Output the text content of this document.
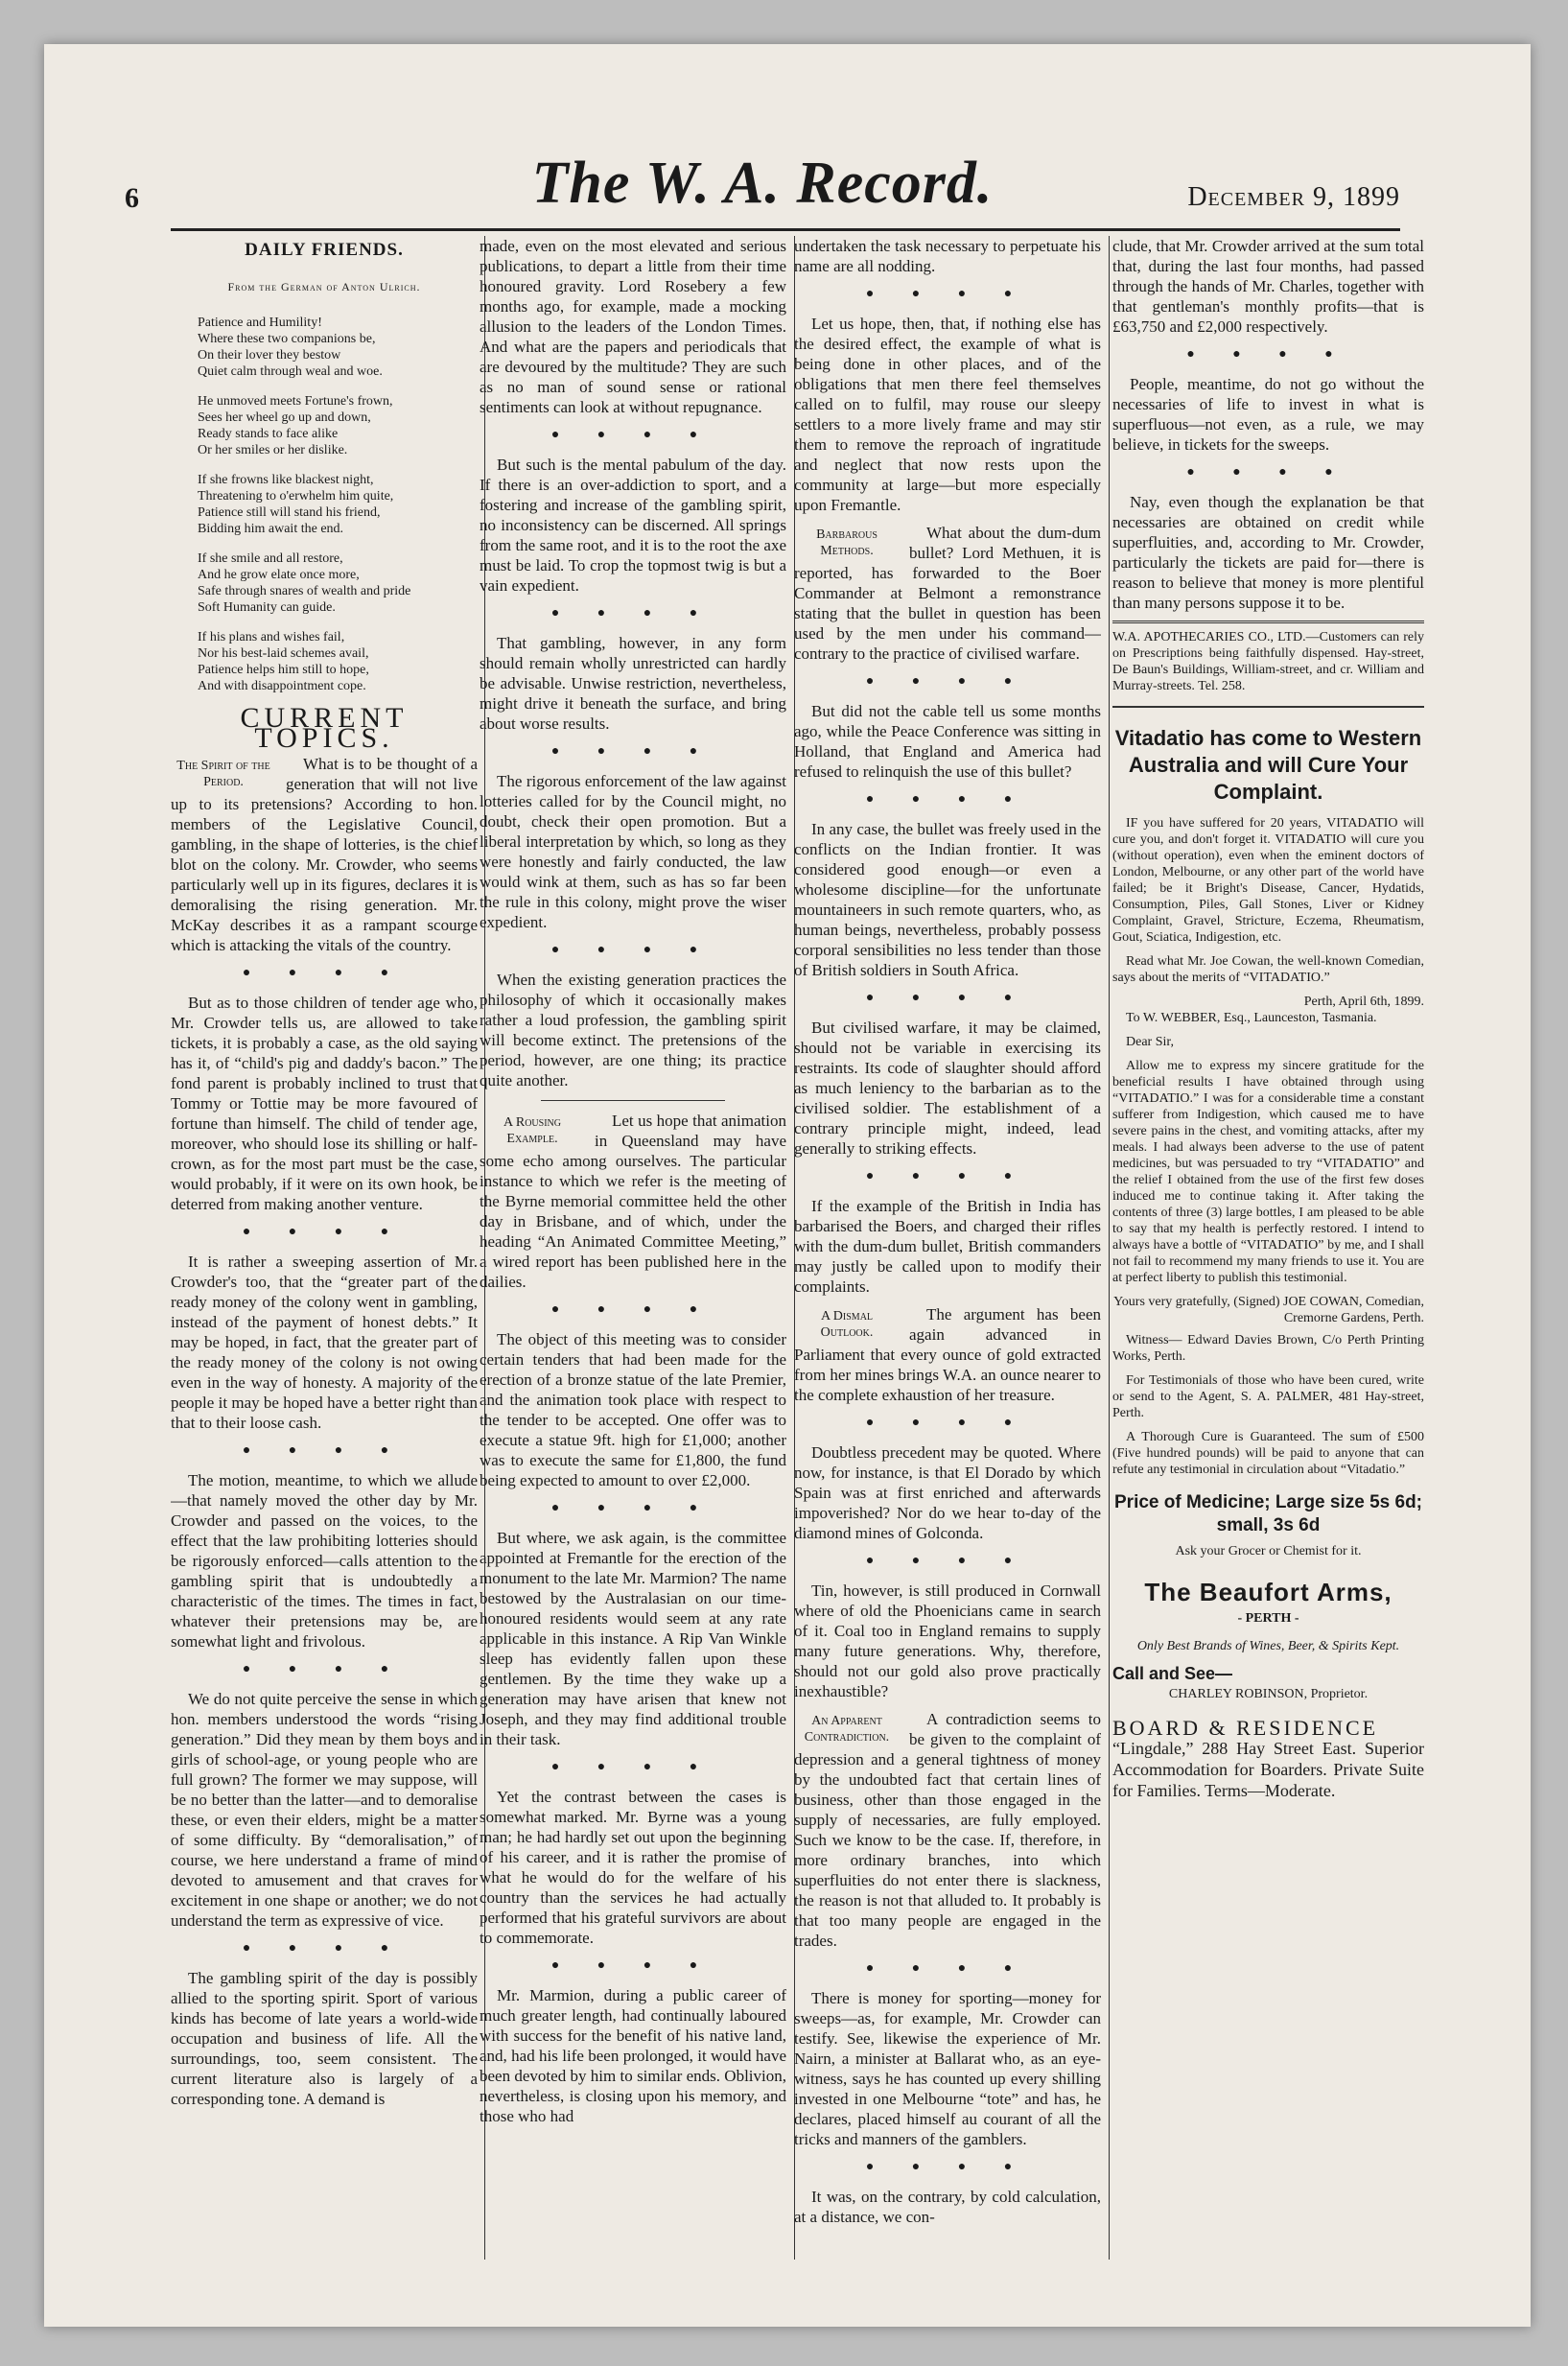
6	The W. A. Record.	December 9, 1899
DAILY FRIENDS.
From the German of Anton Ulrich.
Patience and Humility!
Where these two companions be,
On their lover they bestow
Quiet calm through weal and woe.
He unmoved meets Fortune's frown,
Sees her wheel go up and down,
Ready stands to face alike
Or her smiles or her dislike.
If she frowns like blackest night,
Threatening to o'erwhelm him quite,
Patience still will stand his friend,
Bidding him await the end.
If she smile and all restore,
And he grow elate once more,
Safe through snares of wealth and pride
Soft Humanity can guide.
If his plans and wishes fail,
Nor his best-laid schemes avail,
Patience helps him still to hope,
And with disappointment cope.
CURRENT TOPICS.

The Spirit of the Period.
What is to be thought of a generation that will not live up to its pretensions? According to hon. members of the Legislative Council, gambling, in the shape of lotteries, is the chief blot on the colony. Mr. Crowder, who seems particularly well up in its figures, declares it is demoralising the rising generation. Mr. McKay describes it as a rampant scourge which is attacking the vitals of the country.

● ● ● ●

But as to those children of tender age who, Mr. Crowder tells us, are allowed to take tickets, it is probably a case, as the old saying has it, of “child's pig and daddy's bacon.” The fond parent is probably inclined to trust that Tommy or Tottie may be more favoured of fortune than himself. The child of tender age, moreover, who should lose its shilling or half-crown, as for the most part must be the case, would probably, if it were on its own hook, be deterred from making another venture.

● ● ● ●

It is rather a sweeping assertion of Mr. Crowder's too, that the “greater part of the ready money of the colony went in gambling, instead of the payment of honest debts.” It may be hoped, in fact, that the greater part of the ready money of the colony is not owing even in the way of honesty. A majority of the people it may be hoped have a better right than that to their loose cash.

● ● ● ●

The motion, meantime, to which we allude—that namely moved the other day by Mr. Crowder and passed on the voices, to the effect that the law prohibiting lotteries should be rigorously enforced—calls attention to the gambling spirit that is undoubtedly a characteristic of the times. The times in fact, whatever their pretensions may be, are somewhat light and frivolous.

● ● ● ●

We do not quite perceive the sense in which hon. members understood the words “rising generation.” Did they mean by them boys and girls of school-age, or young people who are full grown? The former we may suppose, will be no better than the latter—and to demoralise these, or even their elders, might be a matter of some difficulty. By “demoralisation,” of course, we here understand a frame of mind devoted to amusement and that craves for excitement in one shape or another; we do not understand the term as expressive of vice.

● ● ● ●

The gambling spirit of the day is possibly allied to the sporting spirit. Sport of various kinds has become of late years a world-wide occupation and business of life. All the surroundings, too, seem consistent. The current literature also is largely of a corresponding tone. A demand is

made, even on the most elevated and serious publications, to depart a little from their time honoured gravity. Lord Rosebery a few months ago, for example, made a mocking allusion to the leaders of the London Times. And what are the papers and periodicals that are devoured by the multitude? They are such as no man of sound sense or rational sentiments can look at without repugnance.

● ● ● ●

But such is the mental pabulum of the day. If there is an over-addiction to sport, and a fostering and increase of the gambling spirit, no inconsistency can be discerned. All springs from the same root, and it is to the root the axe must be laid. To crop the topmost twig is but a vain expedient.

● ● ● ●

That gambling, however, in any form should remain wholly unrestricted can hardly be advisable. Unwise restriction, nevertheless, might drive it beneath the surface, and bring about worse results.

● ● ● ●

The rigorous enforcement of the law against lotteries called for by the Council might, no doubt, check their open promotion. But a liberal interpretation by which, so long as they were honestly and fairly conducted, the law would wink at them, such as has so far been the rule in this colony, might prove the wiser expedient.

● ● ● ●

When the existing generation practices the philosophy of which it occasionally makes rather a loud profession, the gambling spirit will become extinct. The pretensions of the period, however, are one thing; its practice quite another.

A Rousing Example.
Let us hope that animation in Queensland may have some echo among ourselves. The particular instance to which we refer is the meeting of the Byrne memorial committee held the other day in Brisbane, and of which, under the heading “An Animated Committee Meeting,” a wired report has been published here in the dailies.

● ● ● ●

The object of this meeting was to consider certain tenders that had been made for the erection of a bronze statue of the late Premier, and the animation took place with respect to the tender to be accepted. One offer was to execute a statue 9ft. high for £1,000; another was to execute the same for £1,800, the fund being expected to amount to over £2,000.

● ● ● ●

But where, we ask again, is the committee appointed at Fremantle for the erection of the monument to the late Mr. Marmion? The name bestowed by the Australasian on our time-honoured residents would seem at any rate applicable in this instance. A Rip Van Winkle sleep has evidently fallen upon these gentlemen. By the time they wake up a generation may have arisen that knew not Joseph, and they may find additional trouble in their task.

● ● ● ●

Yet the contrast between the cases is somewhat marked. Mr. Byrne was a young man; he had hardly set out upon the beginning of his career, and it is rather the promise of what he would do for the welfare of his country than the services he had actually performed that his grateful survivors are about to commemorate.

● ● ● ●

Mr. Marmion, during a public career of much greater length, had continually laboured with success for the benefit of his native land, and, had his life been prolonged, it would have been devoted by him to similar ends. Oblivion, nevertheless, is closing upon his memory, and those who had

undertaken the task necessary to perpetuate his name are all nodding.

● ● ● ●

Let us hope, then, that, if nothing else has the desired effect, the example of what is being done in other places, and of the obligations that men there feel themselves called on to fulfil, may rouse our sleepy settlers to a more lively frame and may stir them to remove the reproach of ingratitude and neglect that now rests upon the community at large—but more especially upon Fremantle.

Barbarous Methods.
What about the dum-dum bullet? Lord Methuen, it is reported, has forwarded to the Boer Commander at Belmont a remonstrance stating that the bullet in question has been used by the men under his command—contrary to the practice of civilised warfare.

● ● ● ●

But did not the cable tell us some months ago, while the Peace Conference was sitting in Holland, that England and America had refused to relinquish the use of this bullet?

● ● ● ●

In any case, the bullet was freely used in the conflicts on the Indian frontier. It was considered good enough—or even a wholesome discipline—for the unfortunate mountaineers in such remote quarters, who, as human beings, nevertheless, probably possess corporal sensibilities no less tender than those of British soldiers in South Africa.

● ● ● ●

But civilised warfare, it may be claimed, should not be variable in exercising its restraints. Its code of slaughter should afford as much leniency to the barbarian as to the civilised soldier. The establishment of a contrary principle might, indeed, lead generally to striking effects.

● ● ● ●

If the example of the British in India has barbarised the Boers, and charged their rifles with the dum-dum bullet, British commanders may justly be called upon to modify their complaints.

A Dismal Outlook.
The argument has been again advanced in Parliament that every ounce of gold extracted from her mines brings W.A. an ounce nearer to the complete exhaustion of her treasure.

● ● ● ●

Doubtless precedent may be quoted. Where now, for instance, is that El Dorado by which Spain was at first enriched and afterwards impoverished? Nor do we hear to-day of the diamond mines of Golconda.

● ● ● ●

Tin, however, is still produced in Cornwall where of old the Phoenicians came in search of it. Coal too in England remains to supply many future generations. Why, therefore, should not our gold also prove practically inexhaustible?

An Apparent Contradiction.
A contradiction seems to be given to the complaint of depression and a general tightness of money by the undoubted fact that certain lines of business, other than those engaged in the supply of necessaries, are fully employed. Such we know to be the case. If, therefore, in more ordinary branches, into which superfluities do not enter there is slackness, the reason is not that alluded to. It probably is that too many people are engaged in the trades.

● ● ● ●

There is money for sporting—money for sweeps—as, for example, Mr. Crowder can testify. See, likewise the experience of Mr. Nairn, a minister at Ballarat who, as an eye-witness, says he has counted up every shilling invested in one Melbourne “tote” and has, he declares, placed himself au courant of all the tricks and manners of the gamblers.

● ● ● ●

It was, on the contrary, by cold calculation, at a distance, we con-

clude, that Mr. Crowder arrived at the sum total that, during the last four months, had passed through the hands of Mr. Charles, together with that gentleman's monthly profits—that is £63,750 and £2,000 respectively.

● ● ● ●

People, meantime, do not go without the necessaries of life to invest in what is superfluous—not even, as a rule, we may believe, in tickets for the sweeps.

● ● ● ●

Nay, even though the explanation be that necessaries are obtained on credit while superfluities, and, according to Mr. Crowder, particularly the tickets are paid for—there is reason to believe that money is more plentiful than many persons suppose it to be.

W.A. APOTHECARIES CO., LTD.—Customers can rely on Prescriptions being faithfully dispensed. Hay-street, De Baun's Buildings, William-street, and cr. William and Murray-streets. Tel. 258.
Vitadatio has come to Western Australia and will Cure Your Complaint.

IF you have suffered for 20 years, VITADATIO will cure you, and don't forget it. VITADATIO will cure you (without operation), even when the eminent doctors of London, Melbourne, or any other part of the world have failed; be it Bright's Disease, Cancer, Hydatids, Consumption, Piles, Gall Stones, Liver or Kidney Complaint, Gravel, Stricture, Eczema, Rheumatism, Gout, Sciatica, Indigestion, etc.

Read what Mr. Joe Cowan, the well-known Comedian, says about the merits of “VITADATIO.”

Perth, April 6th, 1899.

To W. WEBBER, Esq., Launceston, Tasmania.

Dear Sir,

Allow me to express my sincere gratitude for the beneficial results I have obtained through using “VITADATIO.” I was for a considerable time a constant sufferer from Indigestion, which caused me to have severe pains in the chest, and vomiting attacks, after my meals. I had always been adverse to the use of patent medicines, but was persuaded to try “VITADATIO” and the relief I obtained from the use of the first few doses induced me to continue taking it. After taking the contents of three (3) large bottles, I am pleased to be able to say that my health is perfectly restored. I intend to always have a bottle of “VITADATIO” by me, and I shall not fail to recommend my many friends to use it. You are at perfect liberty to publish this testimonial.

Yours very gratefully, (Signed) JOE COWAN, Comedian, Cremorne Gardens, Perth.

Witness— Edward Davies Brown, C/o Perth Printing Works, Perth.

For Testimonials of those who have been cured, write or send to the Agent, S. A. PALMER, 481 Hay-street, Perth.

A Thorough Cure is Guaranteed. The sum of £500 (Five hundred pounds) will be paid to anyone that can refute any testimonial in circulation about “Vitadatio.”

Price of Medicine; Large size 5s 6d; small, 3s 6d
Ask your Grocer or Chemist for it.
The Beaufort Arms,
- PERTH -
Only Best Brands of Wines, Beer, & Spirits Kept.
Call and See—
CHARLEY ROBINSON, Proprietor.
BOARD & RESIDENCE
“Lingdale,” 288 Hay Street East. Superior Accommodation for Boarders. Private Suite for Families. Terms—Moderate.
